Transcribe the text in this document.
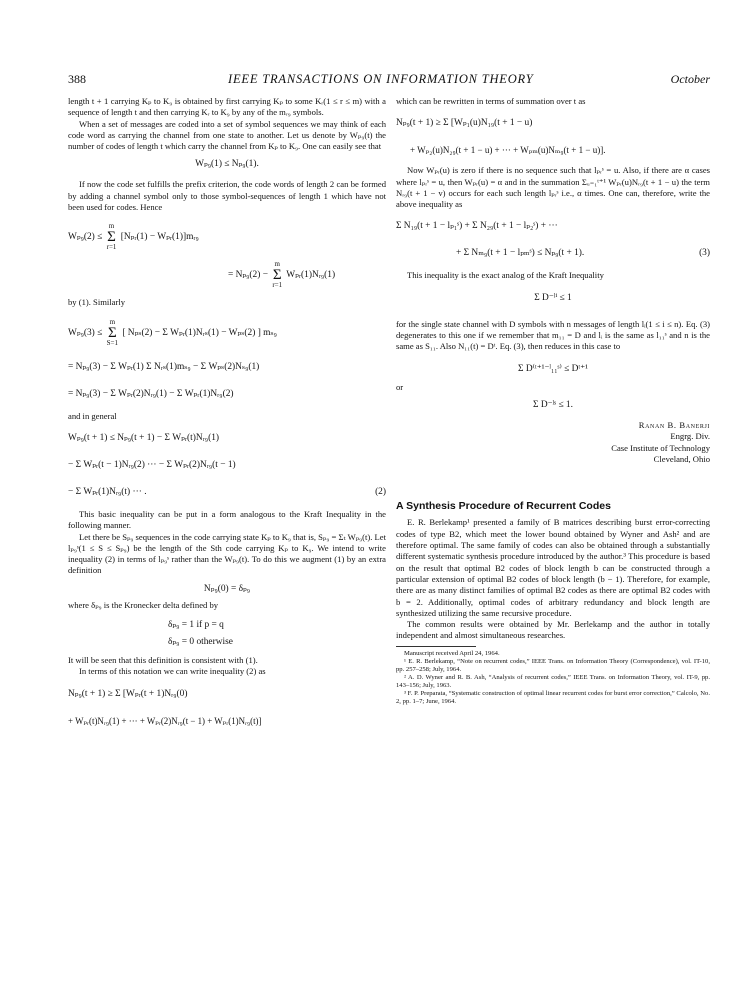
388	IEEE TRANSACTIONS ON INFORMATION THEORY	October

length t + 1 carrying Kₚ to K₉ is obtained by first carrying Kₚ to some Kᵣ(1 ≤ r ≤ m) with a sequence of length t and then carrying Kᵣ to K₉ by any of the mᵣ₉ symbols.

When a set of messages are coded into a set of symbol sequences we may think of each code word as carrying the channel from one state to another. Let us denote by Wₚ₉(t) the number of codes of length t which carry the channel from Kₚ to K₉. One can easily see that

Wₚ₉(1) ≤ Nₚ₉(1).

If now the code set fulfills the prefix criterion, the code words of length 2 can be formed by adding a channel symbol only to those symbol-sequences of length 1 which have not been used for codes. Hence

Wₚ₉(2) ≤ m
Σ
r=1 [Nₚᵣ(1) − Wₚᵣ(1)]mᵣ₉
= Nₚ₉(2) − m
Σ
r=1 Wₚᵣ(1)Nᵣ₉(1)

by (1). Similarly

Wₚ₉(3) ≤ m
Σ
S=1 [ Nₚₛ(2) − Σ Wₚᵣ(1)Nᵣₛ(1) − Wₚₛ(2) ] mₛ₉
= Nₚ₉(3) − Σ Wₚᵣ(1) Σ Nᵣₛ(1)mₛ₉ − Σ Wₚₛ(2)Nₛ₉(1)
= Nₚ₉(3) − Σ Wₚᵣ(2)Nᵣ₉(1) − Σ Wₚᵣ(1)Nᵣ₉(2)

and in general

Wₚ₉(t + 1) ≤ Nₚ₉(t + 1) − Σ Wₚᵣ(t)Nᵣ₉(1)
− Σ Wₚᵣ(t − 1)Nᵣ₉(2) ··· − Σ Wₚᵣ(2)Nᵣ₉(t − 1)
− Σ Wₚᵣ(1)Nᵣ₉(t) ··· .	(2)

This basic inequality can be put in a form analogous to the Kraft Inequality in the following manner.

Let there be Sₚ₉ sequences in the code carrying state Kₚ to K₉ that is, Sₚ₉ = Σₜ Wₚ₉(t). Let lₚ₉ˢ(1 ≤ S ≤ Sₚ₉) be the length of the Sth code carrying Kₚ to K₉. We intend to write inequality (2) in terms of lₚ₉ˢ rather than the Wₚ₉(t). To do this we augment (1) by an extra definition

Nₚ₉(0) = δₚ₉

where δₚ₉ is the Kronecker delta defined by

δₚ₉ = 1 if p = q
δₚ₉ = 0 otherwise

It will be seen that this definition is consistent with (1).

In terms of this notation we can write inequality (2) as

Nₚ₉(t + 1) ≥ Σ [Wₚᵣ(t + 1)Nᵣ₉(0)
+ Wₚᵣ(t)Nᵣ₉(1) + ··· + Wₚᵣ(2)Nᵣ₉(t − 1) + Wₚᵣ(1)Nᵣ₉(t)]

which can be rewritten in terms of summation over t as

Nₚ₉(t + 1) ≥ Σ [Wₚ₁(u)N₁₉(t + 1 − u)
+ Wₚ₂(u)N₂₉(t + 1 − u) + ··· + Wₚₘ(u)Nₘ₉(t + 1 − u)].

Now Wₚᵣ(u) is zero if there is no sequence such that lₚᵣˢ = u. Also, if there are α cases where lₚᵣˢ = u, then Wₚᵣ(u) = α and in the summation Σᵤ₌₁ᵗ⁺¹ Wₚᵣ(u)Nᵣ₉(t + 1 − u) the term Nᵣ₉(t + 1 − v) occurs for each such length lₚᵣˢ i.e., α times. One can, therefore, write the above inequality as

Σ N₁₉(t + 1 − lₚ₁ˢ) + Σ N₂₉(t + 1 − lₚ₂ˢ) + ···
+ Σ Nₘ₉(t + 1 − lₚₘˢ) ≤ Nₚ₉(t + 1).	(3)

This inequality is the exact analog of the Kraft Inequality

Σ D⁻ˡⁱ ≤ 1

for the single state channel with D symbols with n messages of length lᵢ(1 ≤ i ≤ n). Eq. (3) degenerates to this one if we remember that m₁₁ = D and lᵢ is the same as l₁₁ˢ and n is the same as S₁₁. Also N₁₁(t) = Dᵗ. Eq. (3), then reduces in this case to

Σ D⁽ᵗ⁺¹⁻ˡ₁₁ˢ⁾ ≤ Dᵗ⁺¹

or

Σ D⁻ˡˢ ≤ 1.
Ranan B. Banerji
Engrg. Div.
Case Institute of Technology
Cleveland, Ohio
A Synthesis Procedure of Recurrent Codes

E. R. Berlekamp¹ presented a family of B matrices describing burst error-correcting codes of type B2, which meet the lower bound obtained by Wyner and Ash² and are therefore optimal. The same family of codes can also be obtained through a substantially different systematic synthesis procedure introduced by the author.³ This procedure is based on the result that optimal B2 codes of block length b can be constructed through a particular extension of optimal B2 codes of block length (b − 1). Therefore, for example, there are as many distinct families of optimal B2 codes as there are optimal B2 codes with b = 2. Additionally, optimal codes of arbitrary redundancy and block length are synthesized utilizing the same recursive procedure.

The common results were obtained by Mr. Berlekamp and the author in totally independent and almost simultaneous researches.

Manuscript received April 24, 1964.
¹ E. R. Berlekamp, “Note on recurrent codes,” IEEE Trans. on Information Theory (Correspondence), vol. IT-10, pp. 257–258; July, 1964.
² A. D. Wyner and R. B. Ash, “Analysis of recurrent codes,” IEEE Trans. on Information Theory, vol. IT-9, pp. 143–156; July, 1963.
³ F. P. Preparata, “Systematic construction of optimal linear recurrent codes for burst error correction,” Calcolo, No. 2, pp. 1–7; June, 1964.
